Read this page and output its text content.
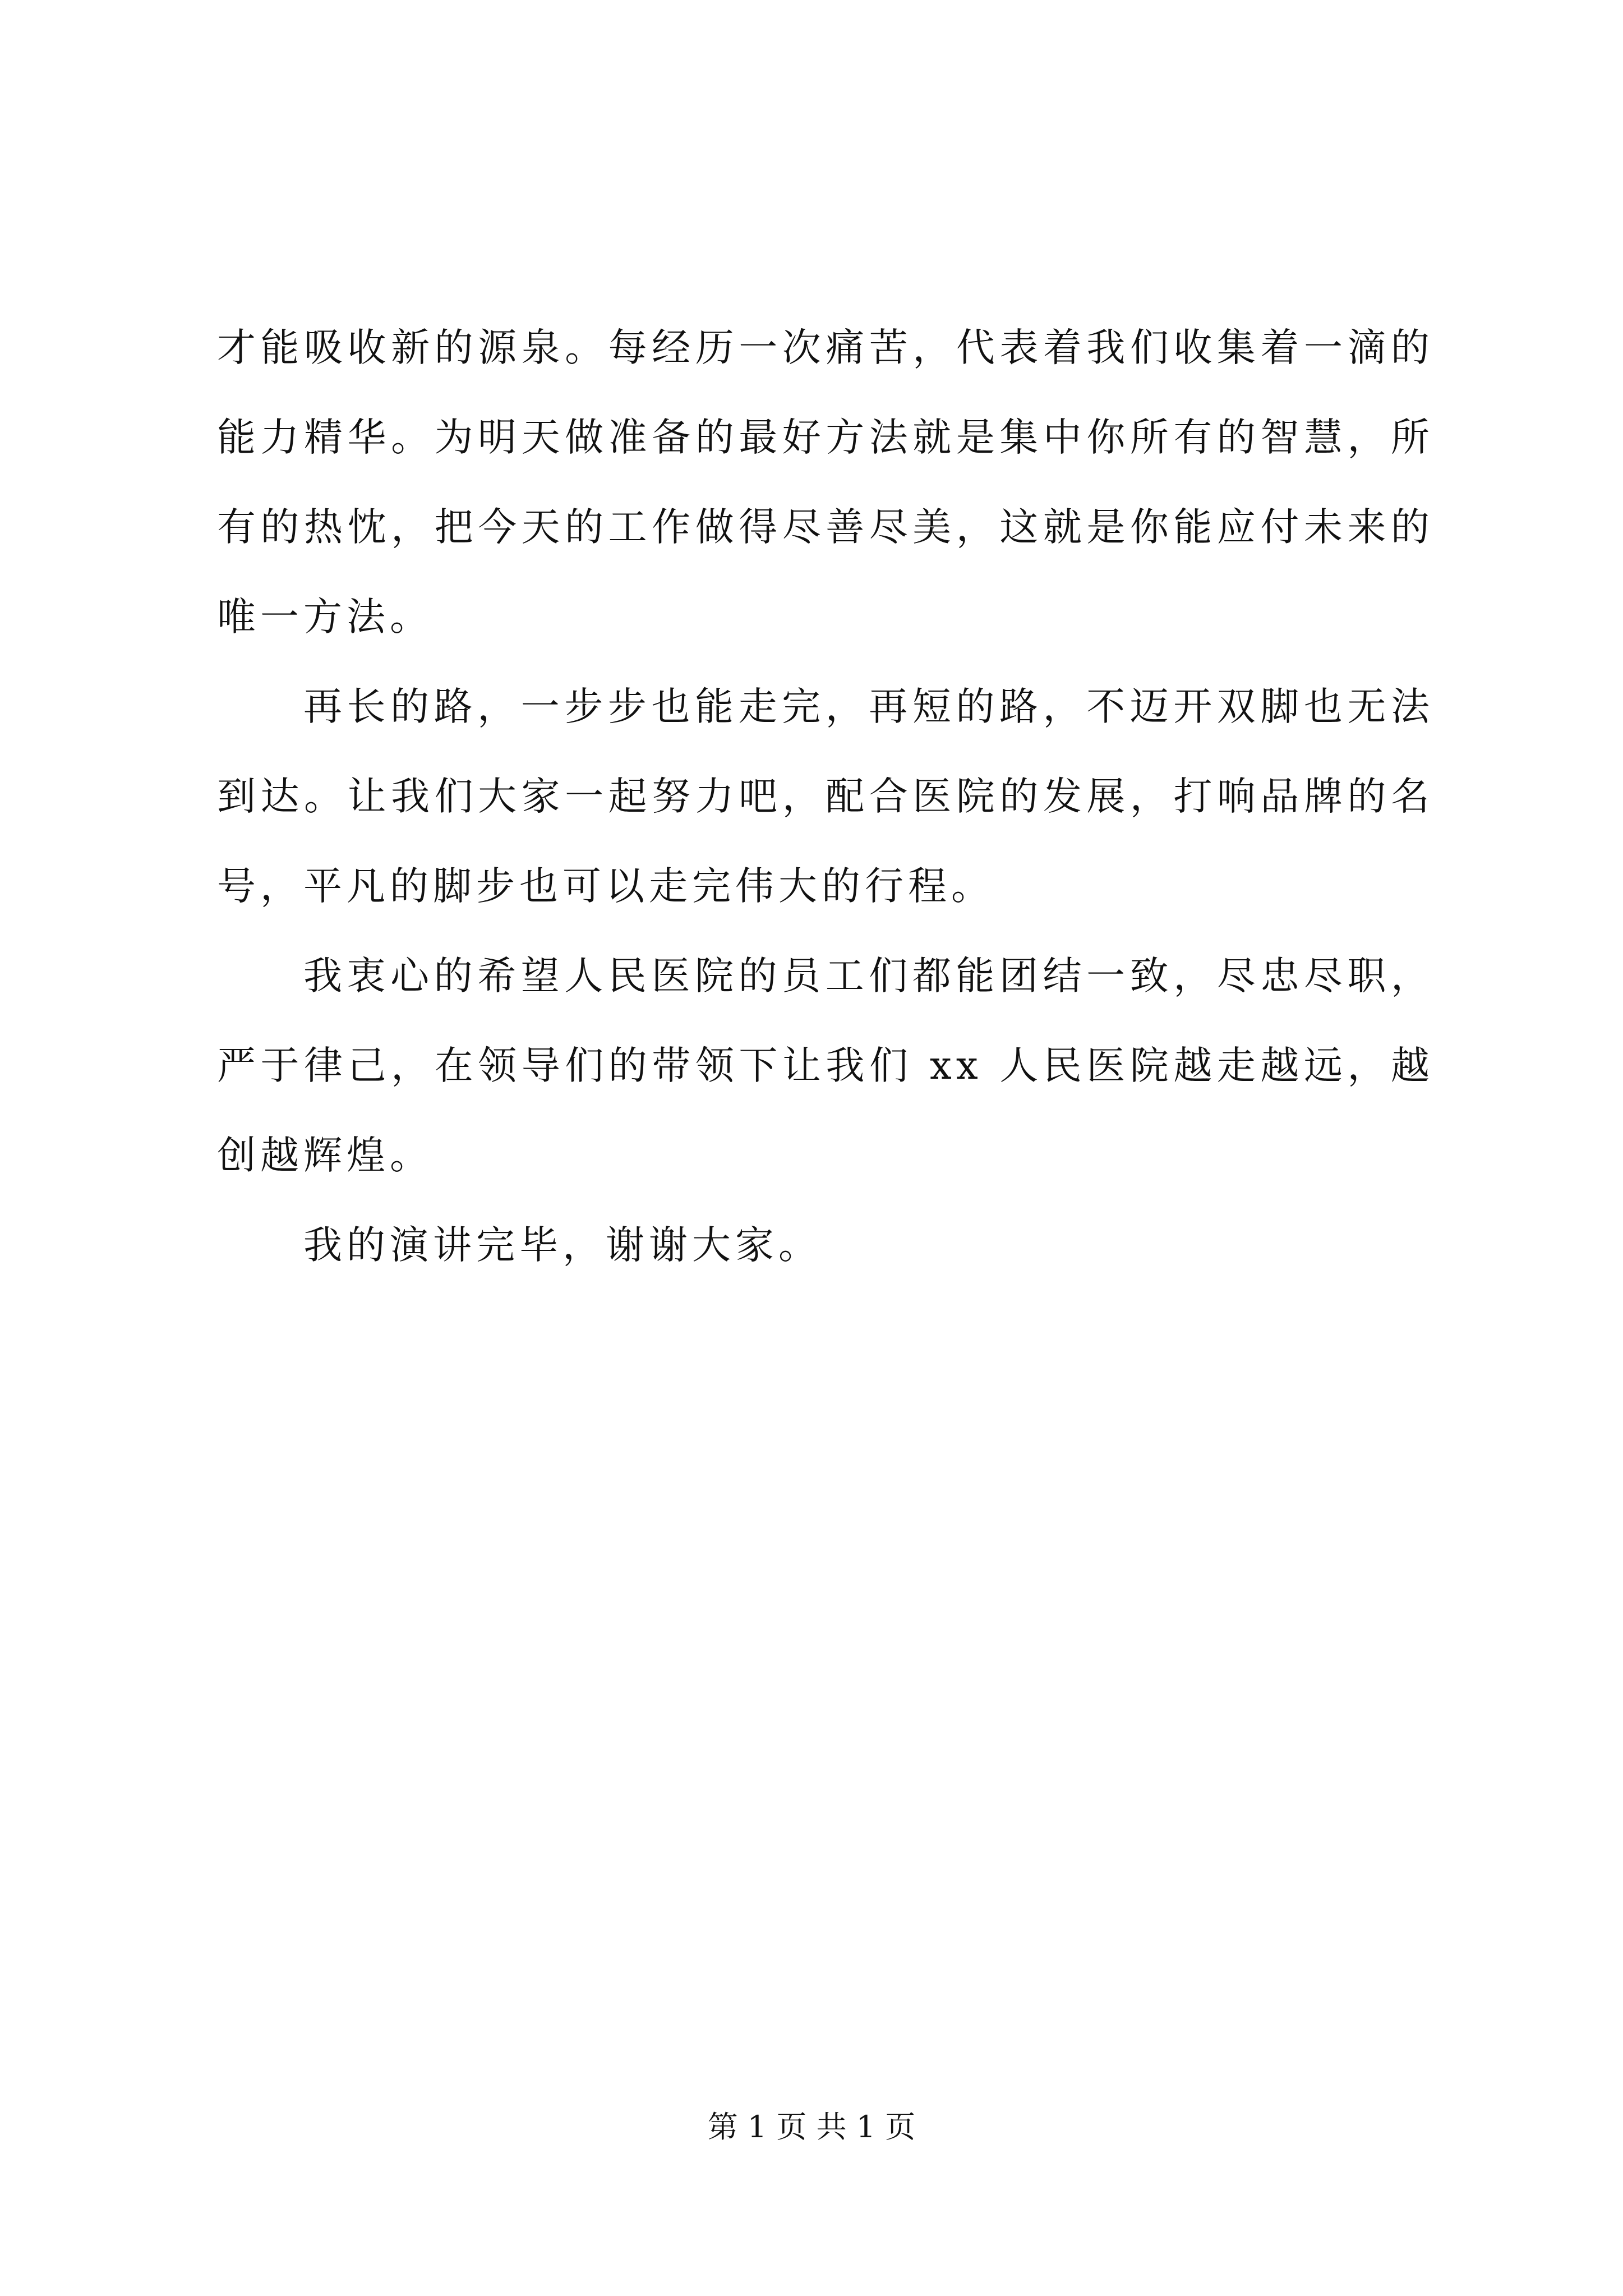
才能吸收新的源泉。每经历一次痛苦，代表着我们收集着一滴的能力精华。为明天做准备的最好方法就是集中你所有的智慧，所有的热忱，把今天的工作做得尽善尽美，这就是你能应付未来的唯一方法。

再长的路，一步步也能走完，再短的路，不迈开双脚也无法到达。让我们大家一起努力吧，配合医院的发展，打响品牌的名号，平凡的脚步也可以走完伟大的行程。

我衷心的希望人民医院的员工们都能团结一致，尽忠尽职，严于律己，在领导们的带领下让我们 xx 人民医院越走越远，越创越辉煌。

我的演讲完毕，谢谢大家。

第 1 页 共 1 页
